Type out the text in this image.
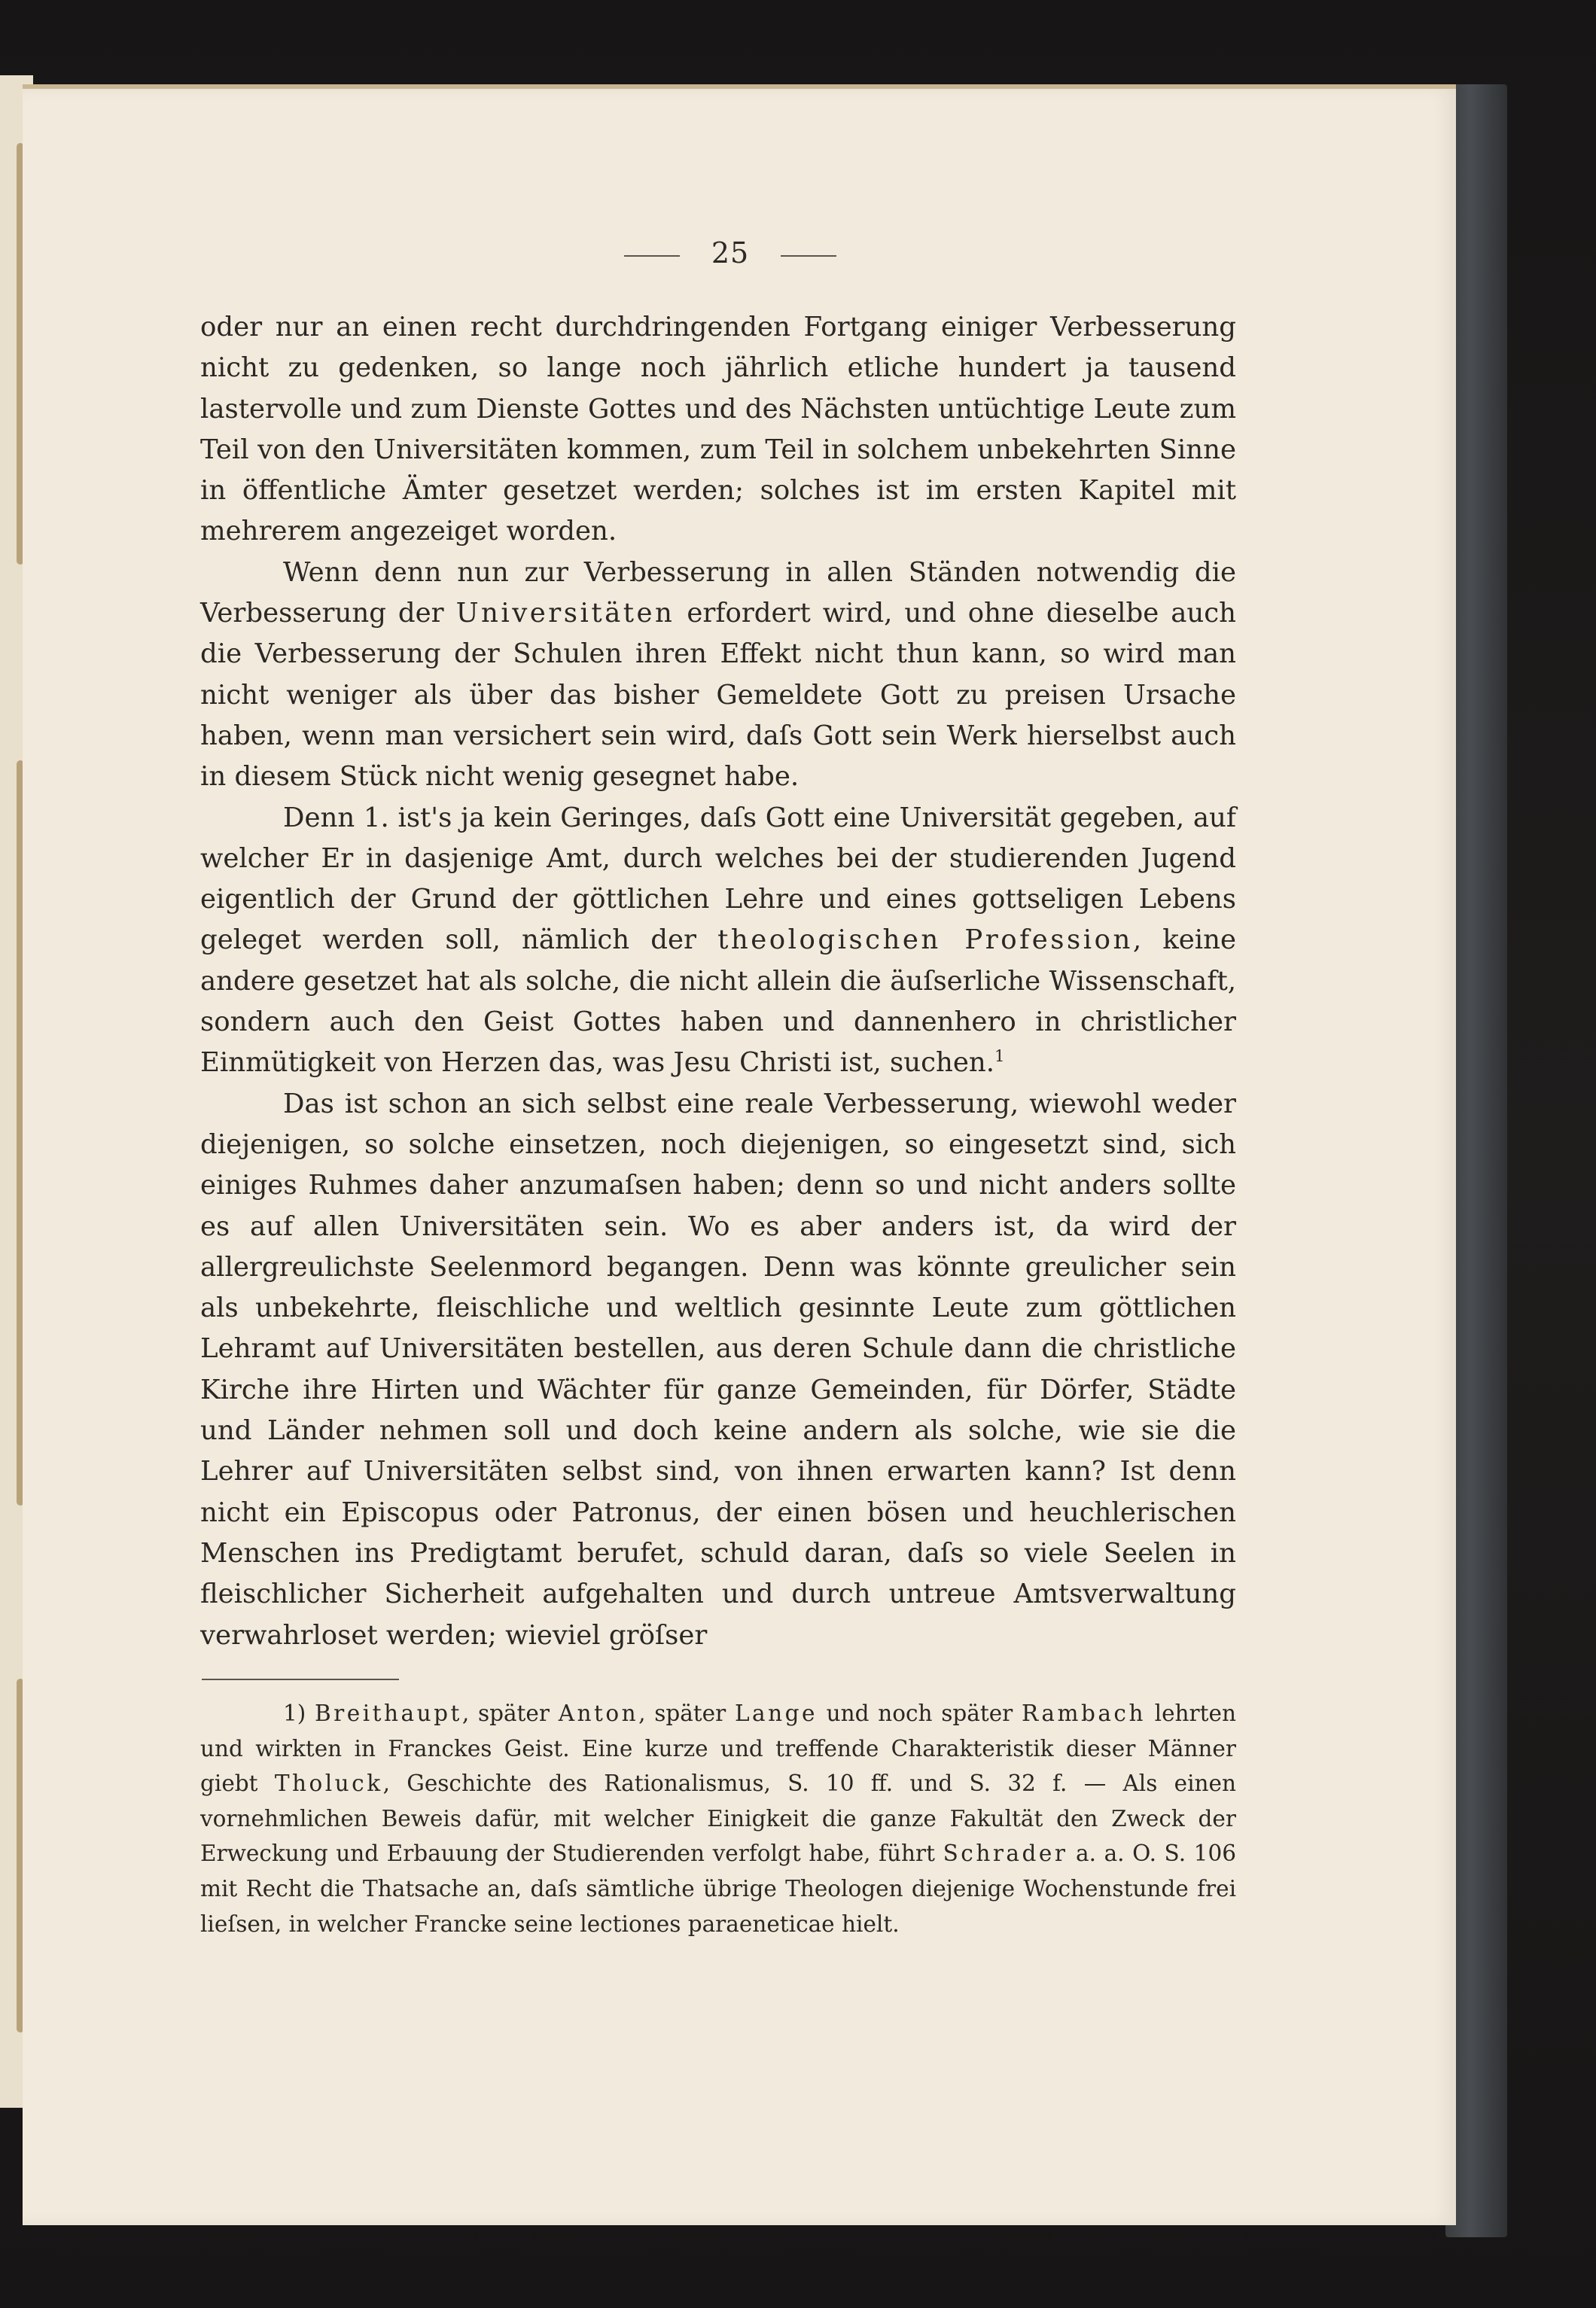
25

oder nur an einen recht durchdringenden Fortgang einiger Verbesserung nicht zu gedenken, so lange noch jährlich etliche hundert ja tausend lastervolle und zum Dienste Gottes und des Nächsten untüchtige Leute zum Teil von den Universitäten kommen, zum Teil in solchem unbekehrten Sinne in öffentliche Ämter gesetzet werden; solches ist im ersten Kapitel mit mehrerem angezeiget worden.

Wenn denn nun zur Verbesserung in allen Ständen notwendig die Verbesserung der Universitäten erfordert wird, und ohne dieselbe auch die Verbesserung der Schulen ihren Effekt nicht thun kann, so wird man nicht weniger als über das bisher Gemeldete Gott zu preisen Ursache haben, wenn man versichert sein wird, daſs Gott sein Werk hierselbst auch in diesem Stück nicht wenig gesegnet habe.

Denn 1. ist's ja kein Geringes, daſs Gott eine Universität gegeben, auf welcher Er in dasjenige Amt, durch welches bei der studierenden Jugend eigentlich der Grund der göttlichen Lehre und eines gottseligen Lebens geleget werden soll, nämlich der theologischen Profession, keine andere gesetzet hat als solche, die nicht allein die äuſserliche Wissenschaft, sondern auch den Geist Gottes haben und dannenhero in christlicher Einmütigkeit von Herzen das, was Jesu Christi ist, suchen.$^1$

Das ist schon an sich selbst eine reale Verbesserung, wiewohl weder diejenigen, so solche einsetzen, noch diejenigen, so eingesetzt sind, sich einiges Ruhmes daher anzumaſsen haben; denn so und nicht anders sollte es auf allen Universitäten sein. Wo es aber anders ist, da wird der allergreulichste Seelenmord begangen. Denn was könnte greulicher sein als unbekehrte, fleischliche und weltlich gesinnte Leute zum göttlichen Lehramt auf Universitäten bestellen, aus deren Schule dann die christliche Kirche ihre Hirten und Wächter für ganze Gemeinden, für Dörfer, Städte und Länder nehmen soll und doch keine andern als solche, wie sie die Lehrer auf Universitäten selbst sind, von ihnen erwarten kann? Ist denn nicht ein Episcopus oder Patronus, der einen bösen und heuchlerischen Menschen ins Predigtamt berufet, schuld daran, daſs so viele Seelen in fleischlicher Sicherheit aufgehalten und durch untreue Amtsverwaltung verwahrloset werden; wieviel gröſser

1) Breithaupt, später Anton, später Lange und noch später Rambach lehrten und wirkten in Franckes Geist. Eine kurze und treffende Charakteristik dieser Männer giebt Tholuck, Geschichte des Rationalismus, S. 10 ff. und S. 32 f. — Als einen vornehmlichen Beweis dafür, mit welcher Einigkeit die ganze Fakultät den Zweck der Erweckung und Erbauung der Studierenden verfolgt habe, führt Schrader a. a. O. S. 106 mit Recht die Thatsache an, daſs sämtliche übrige Theologen diejenige Wochenstunde frei lieſsen, in welcher Francke seine lectiones paraeneticae hielt.
